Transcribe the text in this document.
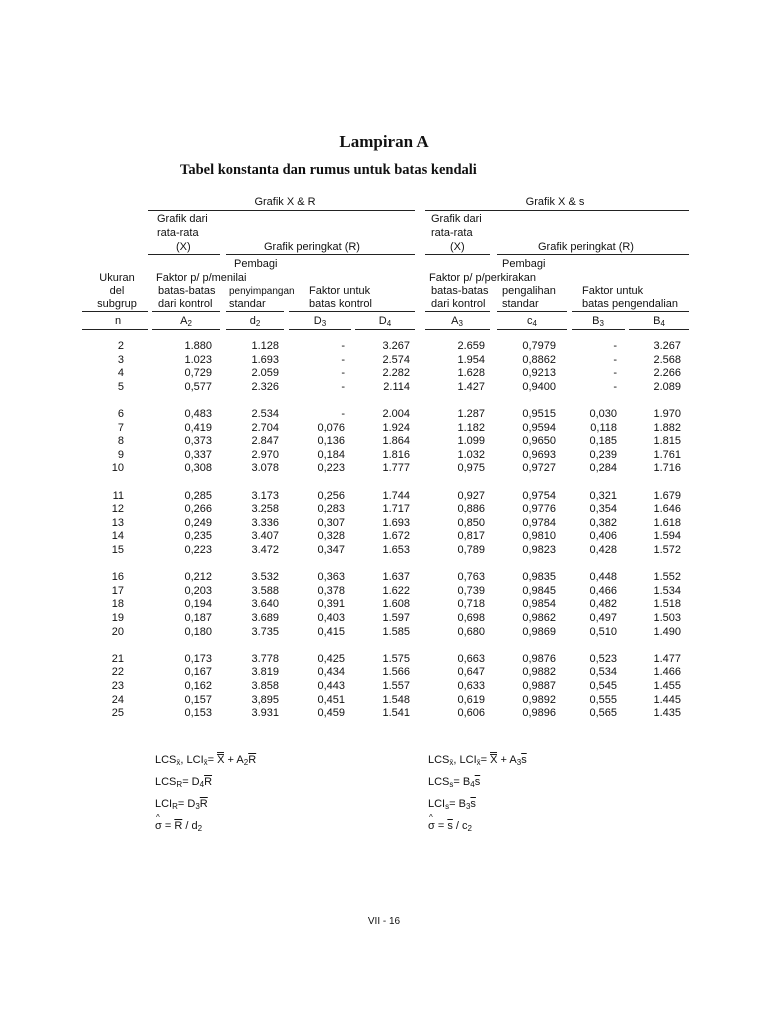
Lampiran A
Tabel konstanta dan rumus untuk batas kendali
Grafik X & R	Grafik X & s
Grafik dari
rata-rata
(X)
Grafik dari
rata-rata
(X)
Grafik peringkat (R)	Grafik peringkat (R)
Pembagi	Pembagi
Ukuran
del
subgrup
Faktor p/ p/menilai
batas-batas
dari kontrol
penyimpangan
standar
Faktor untuk
batas kontrol
Faktor p/ p/perkirakan
batas-batas
dari kontrol
pengalihan
standar
Faktor untuk
batas pengendalian
n	$A_2$	$d_2$	$D_3$	$D_4$	$A_3$	$c_4$	$B_3$	$B_4$
2	1.880	1.128	-	3.267	2.659	0,7979	-	3.267
3	1.023	1.693	-	2.574	1.954	0,8862	-	2.568
4	0,729	2.059	-	2.282	1.628	0,9213	-	2.266
5	0,577	2.326	-	2.114	1.427	0,9400	-	2.089
6	0,483	2.534	-	2.004	1.287	0,9515	0,030	1.970
7	0,419	2.704	0,076	1.924	1.182	0,9594	0,118	1.882
8	0,373	2.847	0,136	1.864	1.099	0,9650	0,185	1.815
9	0,337	2.970	0,184	1.816	1.032	0,9693	0,239	1.761
10	0,308	3.078	0,223	1.777	0,975	0,9727	0,284	1.716
11	0,285	3.173	0,256	1.744	0,927	0,9754	0,321	1.679
12	0,266	3.258	0,283	1.717	0,886	0,9776	0,354	1.646
13	0,249	3.336	0,307	1.693	0,850	0,9784	0,382	1.618
14	0,235	3.407	0,328	1.672	0,817	0,9810	0,406	1.594
15	0,223	3.472	0,347	1.653	0,789	0,9823	0,428	1.572
16	0,212	3.532	0,363	1.637	0,763	0,9835	0,448	1.552
17	0,203	3.588	0,378	1.622	0,739	0,9845	0,466	1.534
18	0,194	3.640	0,391	1.608	0,718	0,9854	0,482	1.518
19	0,187	3.689	0,403	1.597	0,698	0,9862	0,497	1.503
20	0,180	3.735	0,415	1.585	0,680	0,9869	0,510	1.490
21	0,173	3.778	0,425	1.575	0,663	0,9876	0,523	1.477
22	0,167	3.819	0,434	1.566	0,647	0,9882	0,534	1.466
23	0,162	3.858	0,443	1.557	0,633	0,9887	0,545	1.455
24	0,157	3,895	0,451	1.548	0,619	0,9892	0,555	1.445
25	0,153	3.931	0,459	1.541	0,606	0,9896	0,565	1.435
$LCS_{x̄}$, $LCI_{x̄}= X + A_2\overline{R}$
$LCS_R= D_4\overline{R}$
$LCI_R= D_3\overline{R}$
^ $\sigma = \overline{R} / d_2$
$LCS_{x̄}$, $LCI_{x̄}= X + A_3\overline{s}$
$LCS_s= B_4\overline{s}$
$LCI_s= B_3\overline{s}$
^ $\sigma = \overline{s} / c_2$
VII - 16
